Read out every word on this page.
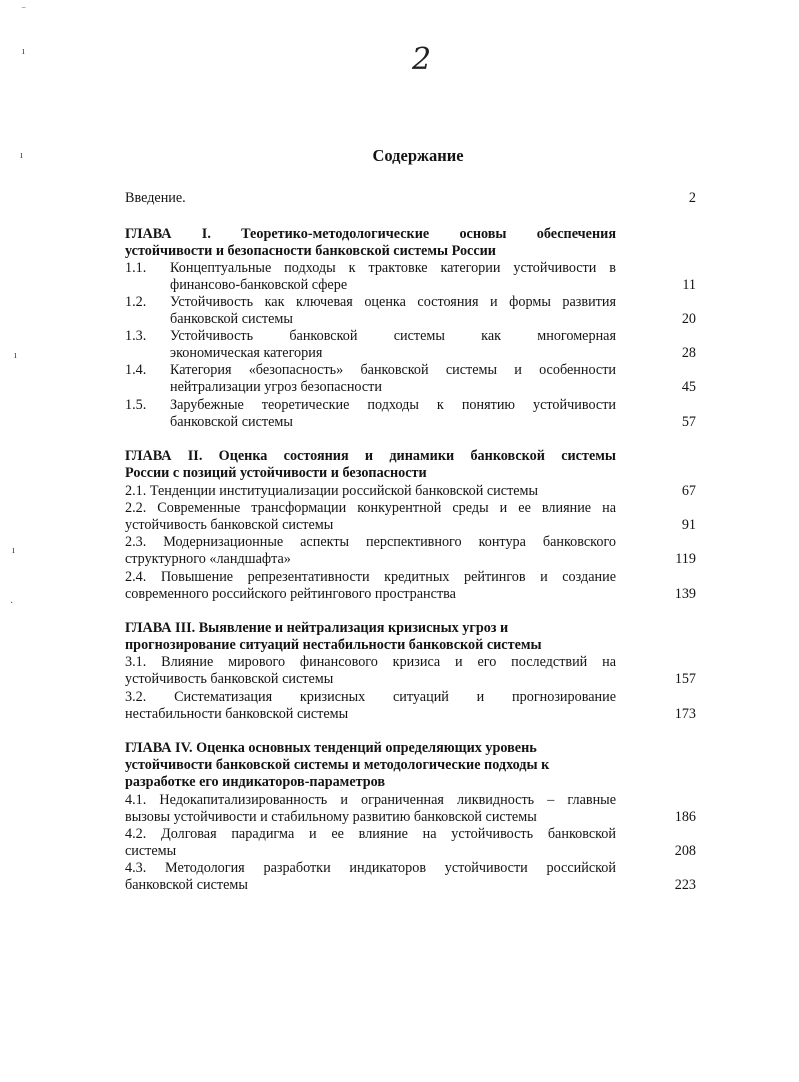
‾
ı
ı
ı
ı
·
2
Содержание
Введение.	2
ГЛАВА I. Теоретико-методологические основы обеспечения
устойчивости и безопасности банковской системы России
1.1. Концептуальные подходы к трактовке категории устойчивости в
финансово-банковской сфере	11
1.2. Устойчивость как ключевая оценка состояния и формы развития
банковской системы	20
1.3. Устойчивость банковской системы как многомерная
экономическая категория	28
1.4. Категория «безопасность» банковской системы и особенности
нейтрализации угроз безопасности	45
1.5. Зарубежные теоретические подходы к понятию устойчивости
банковской системы	57
ГЛАВА II. Оценка состояния и динамики банковской системы
России с позиций устойчивости и безопасности
2.1. Тенденции институциализации российской банковской системы	67
2.2. Современные трансформации конкурентной среды и ее влияние на
устойчивость банковской системы	91
2.3. Модернизационные аспекты перспективного контура банковского
структурного «ландшафта»	119
2.4. Повышение репрезентативности кредитных рейтингов и создание
современного российского рейтингового пространства	139
ГЛАВА III. Выявление и нейтрализация кризисных угроз и
прогнозирование ситуаций нестабильности банковской системы
3.1. Влияние мирового финансового кризиса и его последствий на
устойчивость банковской системы	157
3.2. Систематизация кризисных ситуаций и прогнозирование
нестабильности банковской системы	173
ГЛАВА IV. Оценка основных тенденций определяющих уровень
устойчивости банковской системы и методологические подходы к
разработке его индикаторов-параметров
4.1. Недокапитализированность и ограниченная ликвидность – главные
вызовы устойчивости и стабильному развитию банковской системы	186
4.2. Долговая парадигма и ее влияние на устойчивость банковской
системы	208
4.3. Методология разработки индикаторов устойчивости российской
банковской системы	223
